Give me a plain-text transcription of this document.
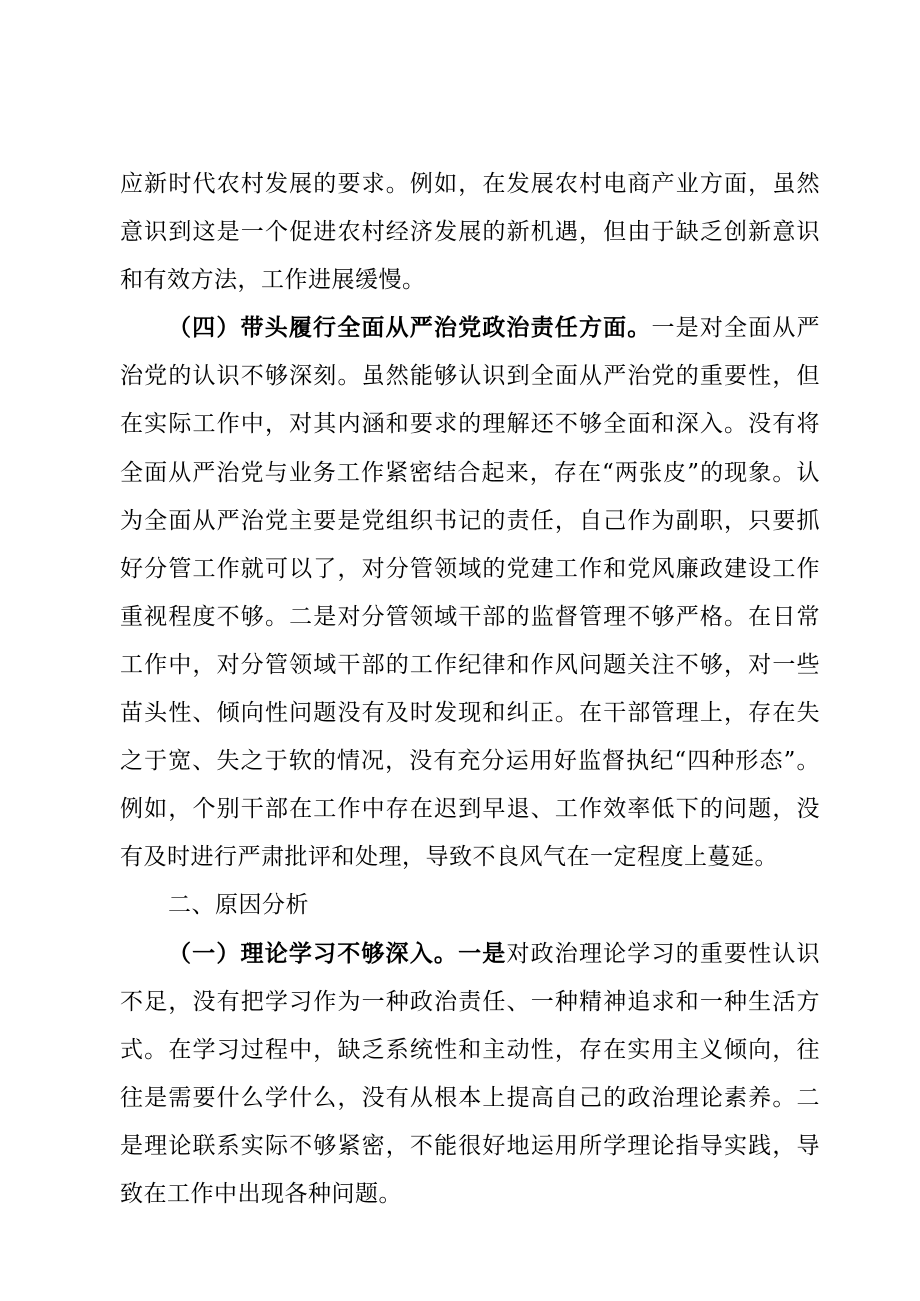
应新时代农村发展的要求。例如，在发展农村电商产业方面，虽然意识到这是一个促进农村经济发展的新机遇，但由于缺乏创新意识和有效方法，工作进展缓慢。

（四）带头履行全面从严治党政治责任方面。一是对全面从严治党的认识不够深刻。虽然能够认识到全面从严治党的重要性，但在实际工作中，对其内涵和要求的理解还不够全面和深入。没有将全面从严治党与业务工作紧密结合起来，存在“两张皮”的现象。认为全面从严治党主要是党组织书记的责任，自己作为副职，只要抓好分管工作就可以了，对分管领域的党建工作和党风廉政建设工作重视程度不够。二是对分管领域干部的监督管理不够严格。在日常工作中，对分管领域干部的工作纪律和作风问题关注不够，对一些苗头性、倾向性问题没有及时发现和纠正。在干部管理上，存在失之于宽、失之于软的情况，没有充分运用好监督执纪“四种形态”。例如，个别干部在工作中存在迟到早退、工作效率低下的问题，没有及时进行严肃批评和处理，导致不良风气在一定程度上蔓延。

二、原因分析

（一）理论学习不够深入。一是对政治理论学习的重要性认识不足，没有把学习作为一种政治责任、一种精神追求和一种生活方式。在学习过程中，缺乏系统性和主动性，存在实用主义倾向，往往是需要什么学什么，没有从根本上提高自己的政治理论素养。二是理论联系实际不够紧密，不能很好地运用所学理论指导实践，导致在工作中出现各种问题。
